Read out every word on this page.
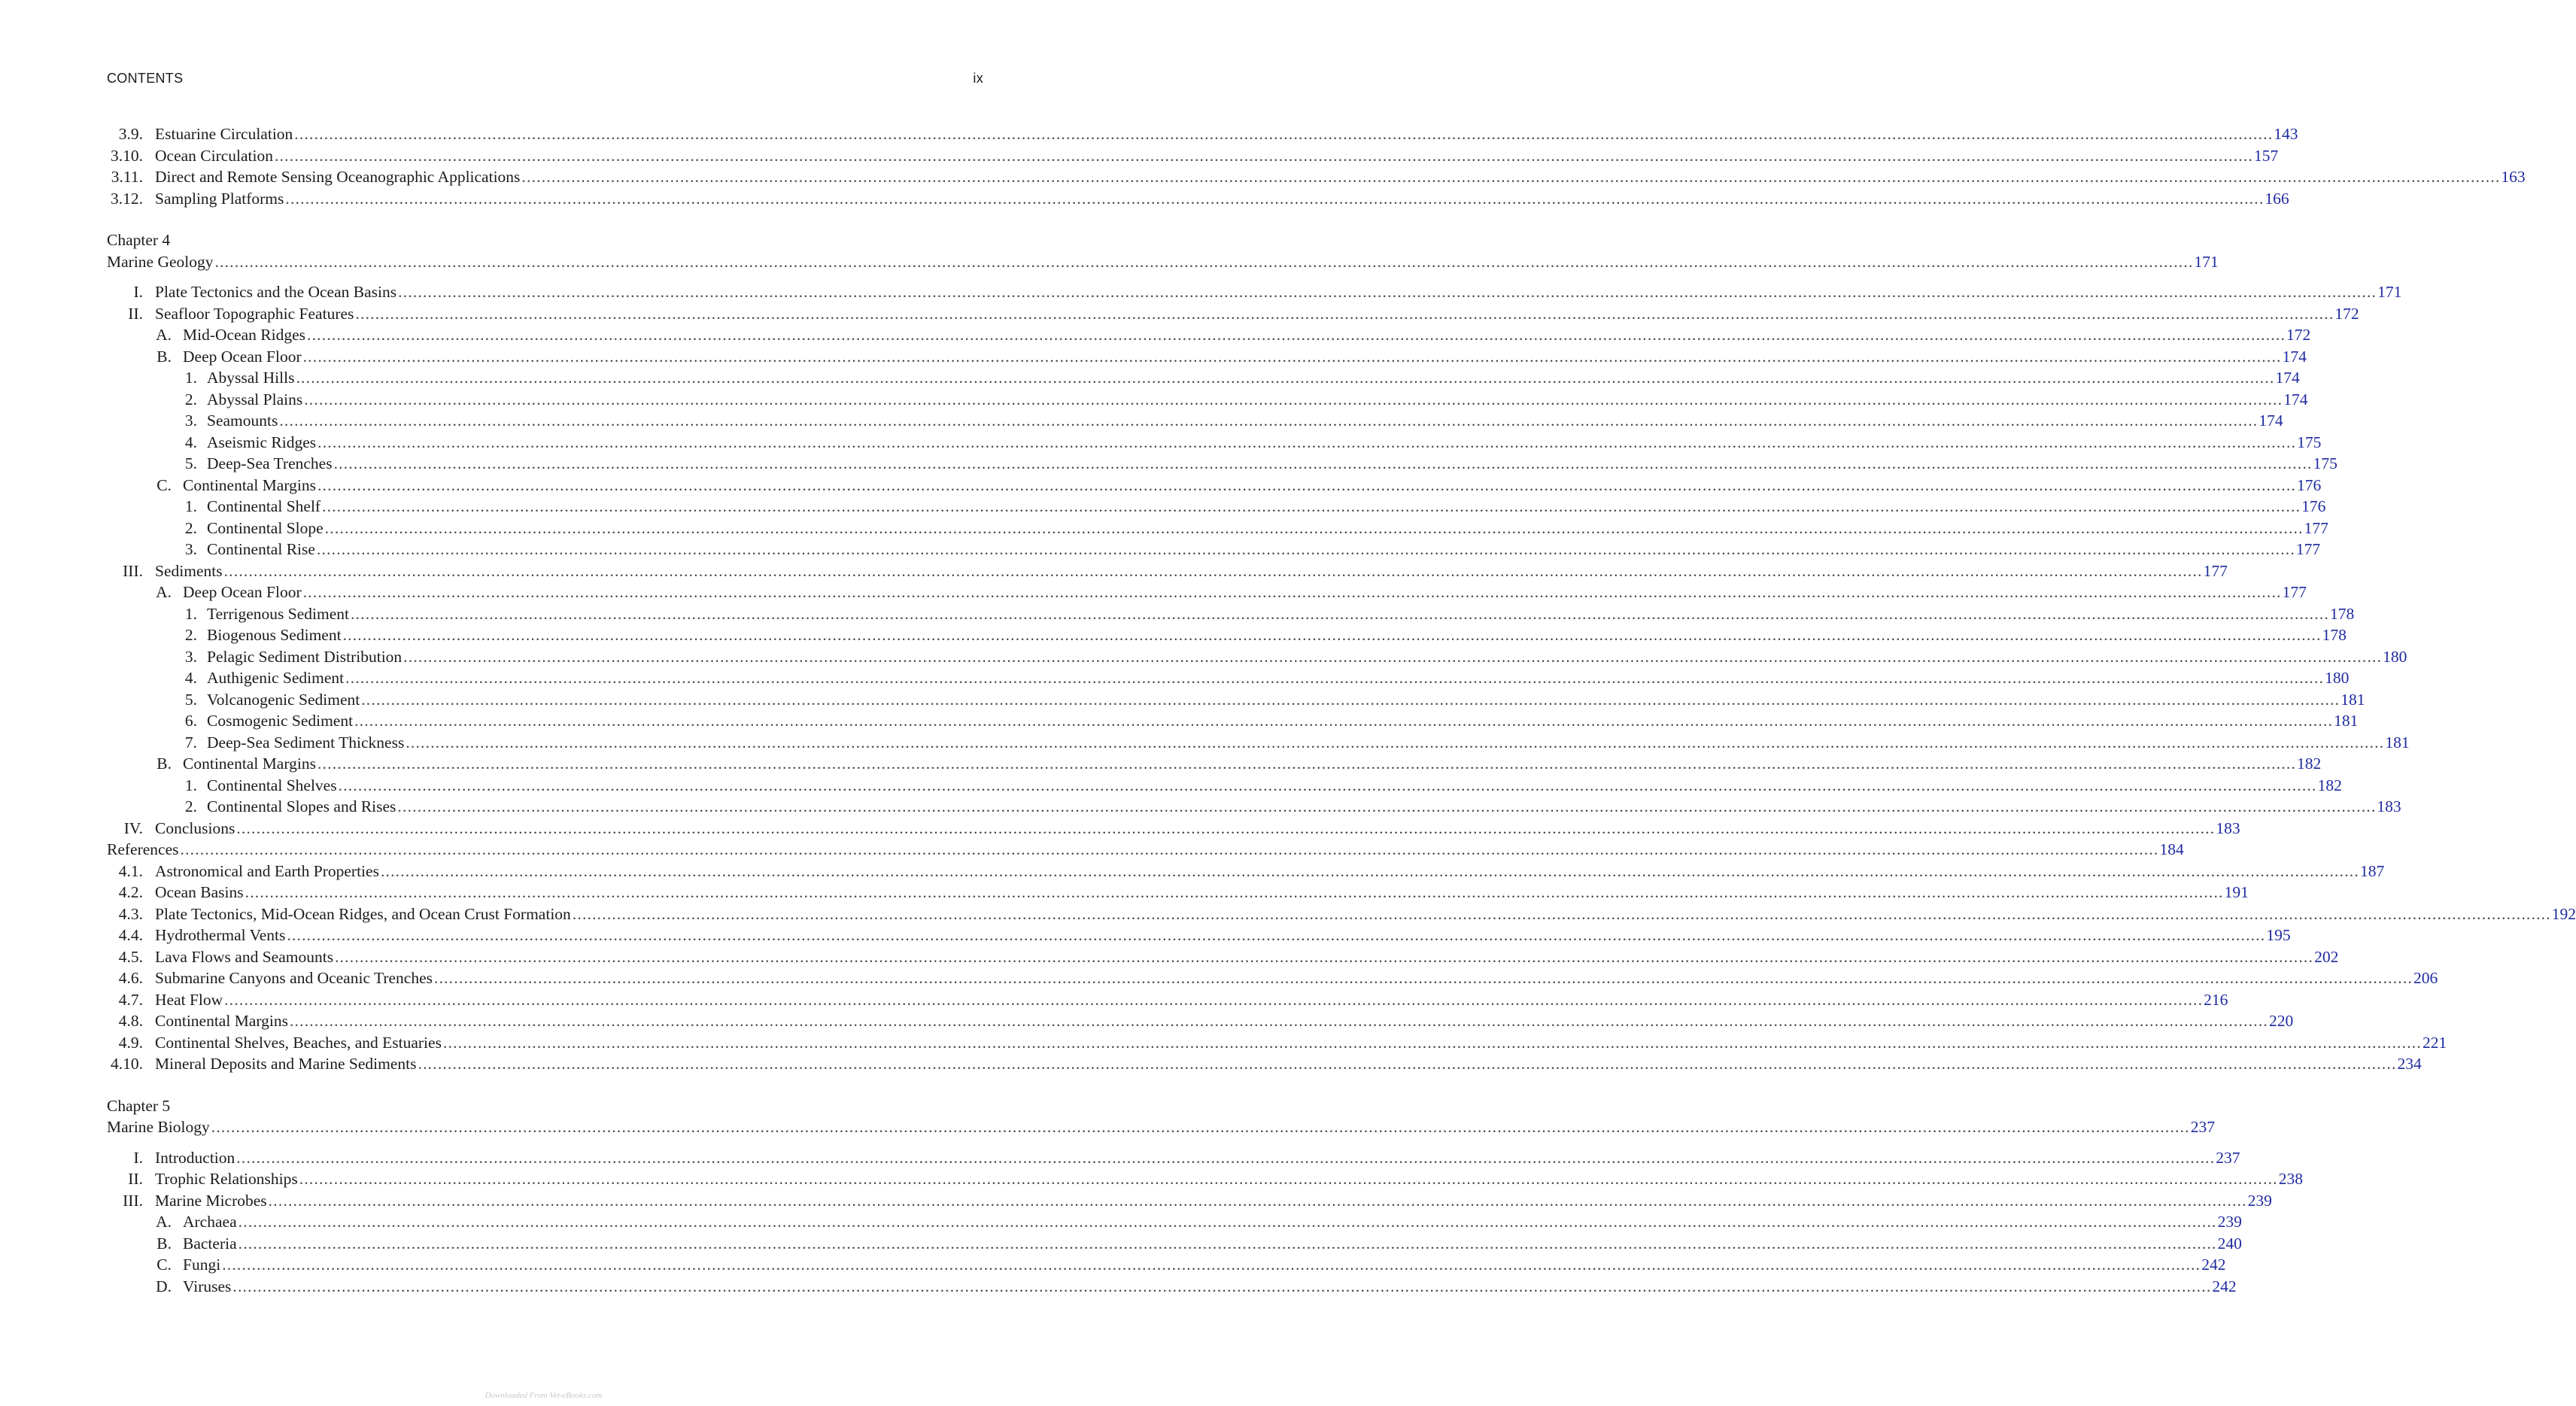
CONTENTS	ix
3.9. Estuarine Circulation ................................................................................................................................................................................................................................................................................................................................................................................................................ 143
3.10. Ocean Circulation ................................................................................................................................................................................................................................................................................................................................................................................................................ 157
3.11. Direct and Remote Sensing Oceanographic Applications ................................................................................................................................................................................................................................................................................................................................................................................................................ 163
3.12. Sampling Platforms ................................................................................................................................................................................................................................................................................................................................................................................................................ 166
Chapter 4
Marine Geology ................................................................................................................................................................................................................................................................................................................................................................................................................ 171
I. Plate Tectonics and the Ocean Basins ................................................................................................................................................................................................................................................................................................................................................................................................................ 171
II. Seafloor Topographic Features ................................................................................................................................................................................................................................................................................................................................................................................................................ 172
A. Mid-Ocean Ridges ................................................................................................................................................................................................................................................................................................................................................................................................................ 172
B. Deep Ocean Floor ................................................................................................................................................................................................................................................................................................................................................................................................................ 174
1. Abyssal Hills ................................................................................................................................................................................................................................................................................................................................................................................................................ 174
2. Abyssal Plains ................................................................................................................................................................................................................................................................................................................................................................................................................ 174
3. Seamounts ................................................................................................................................................................................................................................................................................................................................................................................................................ 174
4. Aseismic Ridges ................................................................................................................................................................................................................................................................................................................................................................................................................ 175
5. Deep-Sea Trenches ................................................................................................................................................................................................................................................................................................................................................................................................................ 175
C. Continental Margins ................................................................................................................................................................................................................................................................................................................................................................................................................ 176
1. Continental Shelf ................................................................................................................................................................................................................................................................................................................................................................................................................ 176
2. Continental Slope ................................................................................................................................................................................................................................................................................................................................................................................................................ 177
3. Continental Rise ................................................................................................................................................................................................................................................................................................................................................................................................................ 177
III. Sediments ................................................................................................................................................................................................................................................................................................................................................................................................................ 177
A. Deep Ocean Floor ................................................................................................................................................................................................................................................................................................................................................................................................................ 177
1. Terrigenous Sediment ................................................................................................................................................................................................................................................................................................................................................................................................................ 178
2. Biogenous Sediment ................................................................................................................................................................................................................................................................................................................................................................................................................ 178
3. Pelagic Sediment Distribution ................................................................................................................................................................................................................................................................................................................................................................................................................ 180
4. Authigenic Sediment ................................................................................................................................................................................................................................................................................................................................................................................................................ 180
5. Volcanogenic Sediment ................................................................................................................................................................................................................................................................................................................................................................................................................ 181
6. Cosmogenic Sediment ................................................................................................................................................................................................................................................................................................................................................................................................................ 181
7. Deep-Sea Sediment Thickness ................................................................................................................................................................................................................................................................................................................................................................................................................ 181
B. Continental Margins ................................................................................................................................................................................................................................................................................................................................................................................................................ 182
1. Continental Shelves ................................................................................................................................................................................................................................................................................................................................................................................................................ 182
2. Continental Slopes and Rises ................................................................................................................................................................................................................................................................................................................................................................................................................ 183
IV. Conclusions ................................................................................................................................................................................................................................................................................................................................................................................................................ 183
References ................................................................................................................................................................................................................................................................................................................................................................................................................ 184
4.1. Astronomical and Earth Properties ................................................................................................................................................................................................................................................................................................................................................................................................................ 187
4.2. Ocean Basins ................................................................................................................................................................................................................................................................................................................................................................................................................ 191
4.3. Plate Tectonics, Mid-Ocean Ridges, and Ocean Crust Formation ................................................................................................................................................................................................................................................................................................................................................................................................................ 192
4.4. Hydrothermal Vents ................................................................................................................................................................................................................................................................................................................................................................................................................ 195
4.5. Lava Flows and Seamounts ................................................................................................................................................................................................................................................................................................................................................................................................................ 202
4.6. Submarine Canyons and Oceanic Trenches ................................................................................................................................................................................................................................................................................................................................................................................................................ 206
4.7. Heat Flow ................................................................................................................................................................................................................................................................................................................................................................................................................ 216
4.8. Continental Margins ................................................................................................................................................................................................................................................................................................................................................................................................................ 220
4.9. Continental Shelves, Beaches, and Estuaries ................................................................................................................................................................................................................................................................................................................................................................................................................ 221
4.10. Mineral Deposits and Marine Sediments ................................................................................................................................................................................................................................................................................................................................................................................................................ 234
Chapter 5
Marine Biology ................................................................................................................................................................................................................................................................................................................................................................................................................ 237
I. Introduction ................................................................................................................................................................................................................................................................................................................................................................................................................ 237
II. Trophic Relationships ................................................................................................................................................................................................................................................................................................................................................................................................................ 238
III. Marine Microbes ................................................................................................................................................................................................................................................................................................................................................................................................................ 239
A. Archaea ................................................................................................................................................................................................................................................................................................................................................................................................................ 239
B. Bacteria ................................................................................................................................................................................................................................................................................................................................................................................................................ 240
C. Fungi ................................................................................................................................................................................................................................................................................................................................................................................................................ 242
D. Viruses ................................................................................................................................................................................................................................................................................................................................................................................................................ 242
Downloaded From Vet-eBooks.com
